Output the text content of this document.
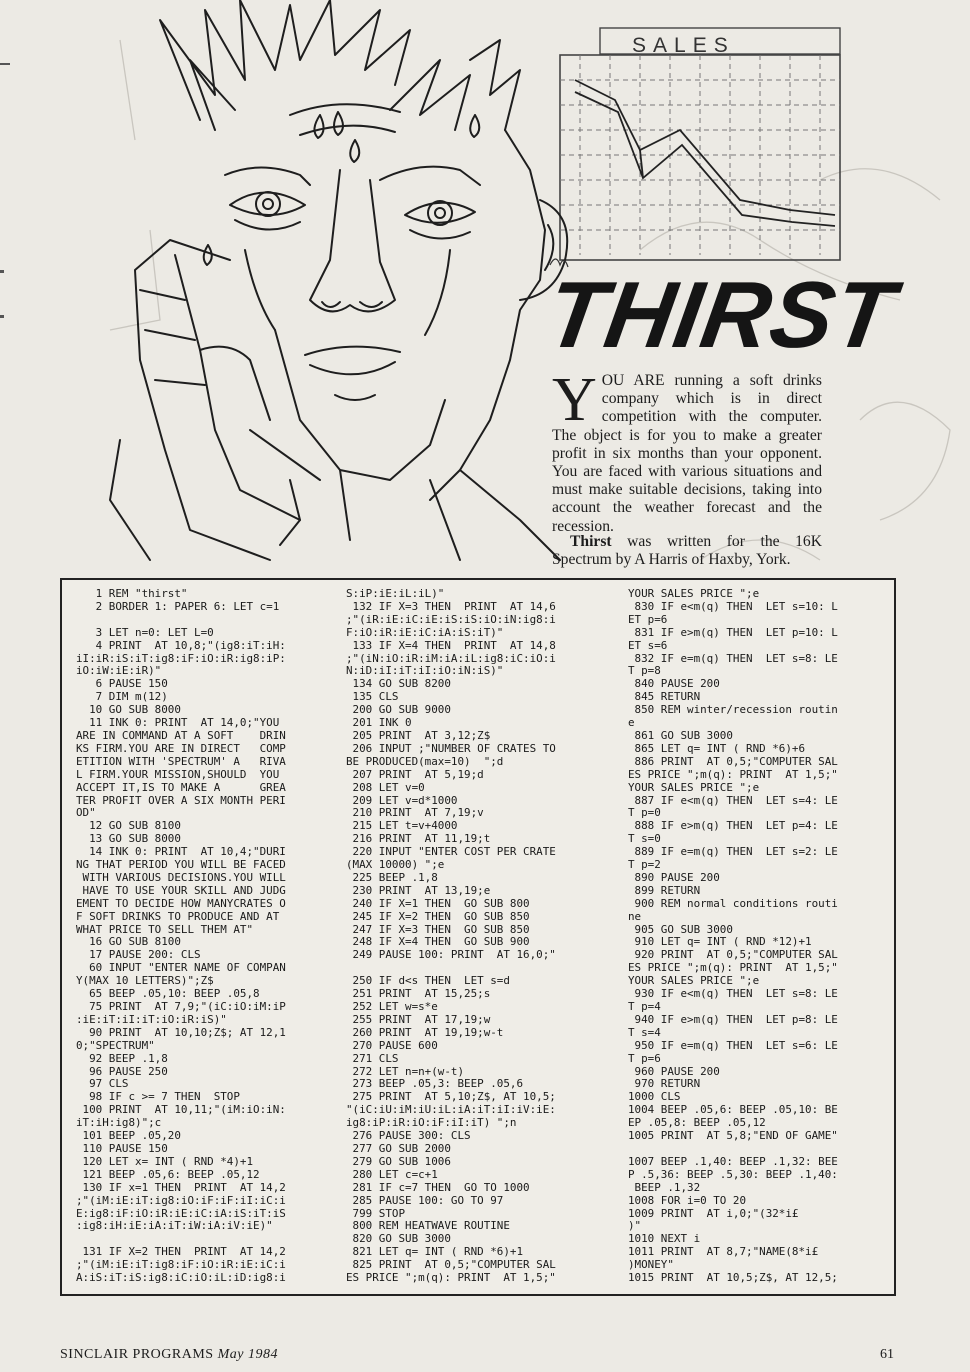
SALES
THIRST

YOU ARE running a soft drinks company which is in direct competition with the computer. The object is for you to make a greater profit in six months than your opponent. You are faced with various situations and must make suitable decisions, taking into account the weather forecast and the recession.

Thirst was written for the 16K Spectrum by A Harris of Haxby, York.

1 REM "thirst"
2 BORDER 1: PAPER 6: LET c=1

3 LET n=0: LET L=0
4 PRINT  AT 10,8;"(ig8:iT:iH:
iI:iR:iS:iT:ig8:iF:iO:iR:ig8:iP:
iO:iW:iE:iR)"
6 PAUSE 150
7 DIM m(12)
10 GO SUB 8000
11 INK 0: PRINT  AT 14,0;"YOU
ARE IN COMMAND AT A SOFT    DRIN
KS FIRM.YOU ARE IN DIRECT   COMP
ETITION WITH 'SPECTRUM' A   RIVA
L FIRM.YOUR MISSION,SHOULD  YOU
ACCEPT IT,IS TO MAKE A      GREA
TER PROFIT OVER A SIX MONTH PERI
OD"
12 GO SUB 8100
13 GO SUB 8000
14 INK 0: PRINT  AT 10,4;"DURI
NG THAT PERIOD YOU WILL BE FACED
WITH VARIOUS DECISIONS.YOU WILL
HAVE TO USE YOUR SKILL AND JUDG
EMENT TO DECIDE HOW MANYCRATES O
F SOFT DRINKS TO PRODUCE AND AT
WHAT PRICE TO SELL THEM AT"
16 GO SUB 8100
17 PAUSE 200: CLS
60 INPUT "ENTER NAME OF COMPAN
Y(MAX 10 LETTERS)";Z$
65 BEEP .05,10: BEEP .05,8
75 PRINT  AT 7,9;"(iC:iO:iM:iP
:iE:iT:iI:iT:iO:iR:iS)"
90 PRINT  AT 10,10;Z$; AT 12,1
0;"SPECTRUM"
92 BEEP .1,8
96 PAUSE 250
97 CLS
98 IF c >= 7 THEN  STOP
100 PRINT  AT 10,11;"(iM:iO:iN:
iT:iH:ig8)";c
101 BEEP .05,20
110 PAUSE 150
120 LET x= INT ( RND *4)+1
121 BEEP .05,6: BEEP .05,12
130 IF x=1 THEN  PRINT  AT 14,2
;"(iM:iE:iT:ig8:iO:iF:iF:iI:iC:i
E:ig8:iF:iO:iR:iE:iC:iA:iS:iT:iS
:ig8:iH:iE:iA:iT:iW:iA:iV:iE)"

131 IF X=2 THEN  PRINT  AT 14,2
;"(iM:iE:iT:ig8:iF:iO:iR:iE:iC:i
A:iS:iT:iS:ig8:iC:iO:iL:iD:ig8:i
S:iP:iE:iL:iL)"
132 IF X=3 THEN  PRINT  AT 14,6
;"(iR:iE:iC:iE:iS:iS:iO:iN:ig8:i
F:iO:iR:iE:iC:iA:iS:iT)"
133 IF X=4 THEN  PRINT  AT 14,8
;"(iN:iO:iR:iM:iA:iL:ig8:iC:iO:i
N:iD:iI:iT:iI:iO:iN:iS)"
134 GO SUB 8200
135 CLS
200 GO SUB 9000
201 INK 0
205 PRINT  AT 3,12;Z$
206 INPUT ;"NUMBER OF CRATES TO
BE PRODUCED(max=10)  ";d
207 PRINT  AT 5,19;d
208 LET v=0
209 LET v=d*1000
210 PRINT  AT 7,19;v
215 LET t=v+4000
216 PRINT  AT 11,19;t
220 INPUT "ENTER COST PER CRATE
(MAX 10000) ";e
225 BEEP .1,8
230 PRINT  AT 13,19;e
240 IF X=1 THEN  GO SUB 800
245 IF X=2 THEN  GO SUB 850
247 IF X=3 THEN  GO SUB 850
248 IF X=4 THEN  GO SUB 900
249 PAUSE 100: PRINT  AT 16,0;"

250 IF d<s THEN  LET s=d
251 PRINT  AT 15,25;s
252 LET w=s*e
255 PRINT  AT 17,19;w
260 PRINT  AT 19,19;w-t
270 PAUSE 600
271 CLS
272 LET n=n+(w-t)
273 BEEP .05,3: BEEP .05,6
275 PRINT  AT 5,10;Z$, AT 10,5;
"(iC:iU:iM:iU:iL:iA:iT:iI:iV:iE:
ig8:iP:iR:iO:iF:iI:iT) ";n
276 PAUSE 300: CLS
277 GO SUB 2000
279 GO SUB 1006
280 LET c=c+1
281 IF c=7 THEN  GO TO 1000
285 PAUSE 100: GO TO 97
799 STOP
800 REM HEATWAVE ROUTINE
820 GO SUB 3000
821 LET q= INT ( RND *6)+1
825 PRINT  AT 0,5;"COMPUTER SAL
ES PRICE ";m(q): PRINT  AT 1,5;"
YOUR SALES PRICE ";e
830 IF e<m(q) THEN  LET s=10: L
ET p=6
831 IF e>m(q) THEN  LET p=10: L
ET s=6
832 IF e=m(q) THEN  LET s=8: LE
T p=8
840 PAUSE 200
845 RETURN
850 REM winter/recession routin
e
861 GO SUB 3000
865 LET q= INT ( RND *6)+6
886 PRINT  AT 0,5;"COMPUTER SAL
ES PRICE ";m(q): PRINT  AT 1,5;"
YOUR SALES PRICE ";e
887 IF e<m(q) THEN  LET s=4: LE
T p=0
888 IF e>m(q) THEN  LET p=4: LE
T s=0
889 IF e=m(q) THEN  LET s=2: LE
T p=2
890 PAUSE 200
899 RETURN
900 REM normal conditions routi
ne
905 GO SUB 3000
910 LET q= INT ( RND *12)+1
920 PRINT  AT 0,5;"COMPUTER SAL
ES PRICE ";m(q): PRINT  AT 1,5;"
YOUR SALES PRICE ";e
930 IF e<m(q) THEN  LET s=8: LE
T p=4
940 IF e>m(q) THEN  LET p=8: LE
T s=4
950 IF e=m(q) THEN  LET s=6: LE
T p=6
960 PAUSE 200
970 RETURN
1000 CLS
1004 BEEP .05,6: BEEP .05,10: BE
EP .05,8: BEEP .05,12
1005 PRINT  AT 5,8;"END OF GAME"

1007 BEEP .1,40: BEEP .1,32: BEE
P .5,36: BEEP .5,30: BEEP .1,40:
BEEP .1,32
1008 FOR i=0 TO 20
1009 PRINT  AT i,0;"(32*i£
)"
1010 NEXT i
1011 PRINT  AT 8,7;"NAME(8*i£
)MONEY"
1015 PRINT  AT 10,5;Z$, AT 12,5;
SINCLAIR PROGRAMS May 1984	61
